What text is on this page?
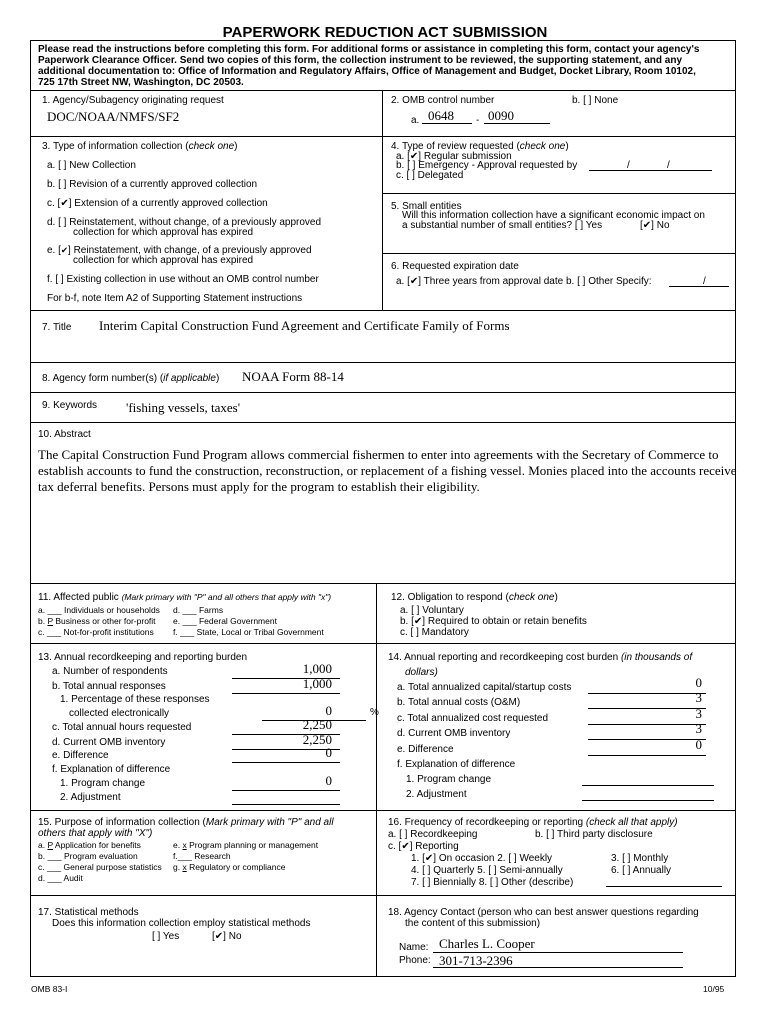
PAPERWORK REDUCTION ACT SUBMISSION
Please read the instructions before completing this form. For additional forms or assistance in completing this form, contact your agency's
Paperwork Clearance Officer. Send two copies of this form, the collection instrument to be reviewed, the supporting statement, and any
additional documentation to: Office of Information and Regulatory Affairs, Office of Management and Budget, Docket Library, Room 10102,
725 17th Street NW, Washington, DC 20503.
1. Agency/Subagency originating request
DOC/NOAA/NMFS/SF2
2. OMB control number	b. [ ] None
a. 0648 - 0090
3. Type of information collection (check one)
a. [ ] New Collection
b. [ ] Revision of a currently approved collection
c. [✔] Extension of a currently approved collection
d. [ ] Reinstatement, without change, of a previously approved
collection for which approval has expired
e. [✔] Reinstatement, with change, of a previously approved
collection for which approval has expired
f. [ ] Existing collection in use without an OMB control number
For b-f, note Item A2 of Supporting Statement instructions
4. Type of review requested (check one)
a. [✔] Regular submission
b. [ ] Emergency - Approval requested by	/	/
c. [ ] Delegated
5. Small entities
Will this information collection have a significant economic impact on
a substantial number of small entities? [ ] Yes	[✔] No
6. Requested expiration date
a. [✔] Three years from approval date b. [ ] Other Specify:	/
7. Title Interim Capital Construction Fund Agreement and Certificate Family of Forms
8. Agency form number(s) (if applicable) NOAA Form 88-14
9. Keywords 'fishing vessels, taxes'
10. Abstract
The Capital Construction Fund Program allows commercial fishermen to enter into agreements with the Secretary of Commerce to
establish accounts to fund the construction, reconstruction, or replacement of a fishing vessel. Monies placed into the accounts receive
tax deferral benefits. Persons must apply for the program to establish their eligibility.
11. Affected public (Mark primary with "P" and all others that apply with "x")
a. ___ Individuals or households d. ___ Farms
b. P Business or other for-profit e. ___ Federal Government
c. ___ Not-for-profit institutions f. ___ State, Local or Tribal Government
12. Obligation to respond (check one)
a. [ ] Voluntary
b. [✔] Required to obtain or retain benefits
c. [ ] Mandatory
13. Annual recordkeeping and reporting burden
a. Number of respondents	1,000
b. Total annual responses	1,000
1. Percentage of these responses
collected electronically	0
c. Total annual hours requested	2,250
d. Current OMB inventory	2,250
e. Difference	0
f. Explanation of difference
1. Program change	0
2. Adjustment
%
14. Annual reporting and recordkeeping cost burden (in thousands of
dollars)
a. Total annualized capital/startup costs	0
b. Total annual costs (O&M)	3
c. Total annualized cost requested	3
d. Current OMB inventory	3
e. Difference	0
f. Explanation of difference
1. Program change
2. Adjustment
15. Purpose of information collection (Mark primary with "P" and all
others that apply with "X")
a. P Application for benefits	e. x Program planning or management
b. ___ Program evaluation	f.___ Research
c. ___ General purpose statistics g. x Regulatory or compliance
d. ___ Audit
16. Frequency of recordkeeping or reporting (check all that apply)
a. [ ] Recordkeeping	b. [ ] Third party disclosure
c. [✔] Reporting
1. [✔] On occasion 2. [ ] Weekly	3. [ ] Monthly
4. [ ] Quarterly 5. [ ] Semi-annually	6. [ ] Annually
7. [ ] Biennially 8. [ ] Other (describe)
17. Statistical methods
Does this information collection employ statistical methods
[ ] Yes	[✔] No
18. Agency Contact (person who can best answer questions regarding
the content of this submission)
Name: Charles L. Cooper
Phone: 301-713-2396
OMB 83-I	10/95
